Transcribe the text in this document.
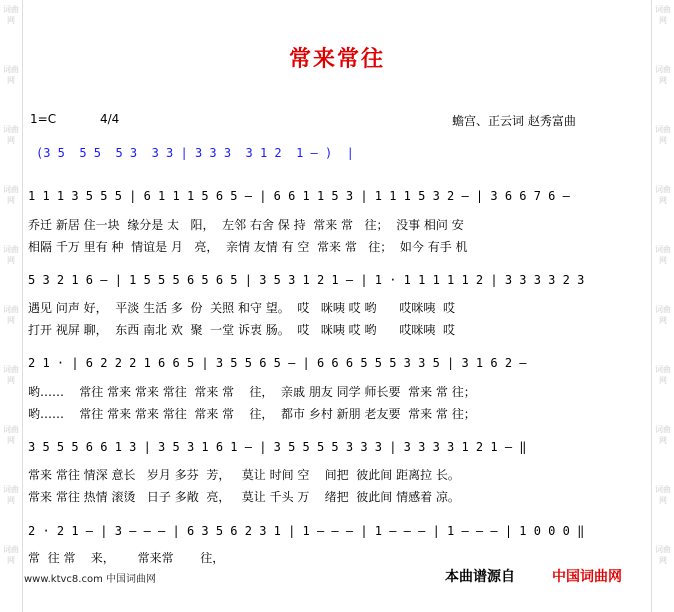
词曲网
词曲网
词曲网
词曲网
词曲网
词曲网
词曲网
词曲网
词曲网
词曲网
词曲网
词曲网
词曲网
词曲网
词曲网
词曲网
词曲网
词曲网
词曲网
词曲网
常来常往
1=C	4/4	蟾宫、正云词 赵秀富曲
(3 5  5 5  5 3  3 3 | 3 3 3  3 1 2  1 — )  |
1 1 1 3 5 5 5 | 6 1 1 1 5 6 5 — | 6 6 1 1 5 3 | 1 1 1 5 3 2 — | 3 6 6 7 6 —
乔迁 新居 住一块  缘分是 太   阳，  左邻 右舍 保 持  常来 常   往；  没事 相问 安
相隔 千万 里有 种  情谊是 月   亮，  亲情 友情 有 空  常来 常   往；  如今 有手 机
5 3 2 1 6 — | 1 5 5 5 6 5 6 5 | 3 5 3 1 2 1 — | 1 · 1 1 1 1 1 2 | 3 3 3 3 2 3
遇见 问声 好，  平淡 生活 多  份  关照 和守 望。  哎   咪咦 哎 哟      哎咪咦  哎
打开 视屏 聊，  东西 南北 欢  聚  一堂 诉衷 肠。  哎   咪咦 哎 哟      哎咪咦  哎
2 1 · | 6 2 2 2 1 6 6 5 | 3 5 5 6 5 — | 6 6 6 5 5 5 3 3 5 | 3 1 6 2 —
哟……    常往 常来 常来 常往  常来 常    往，  亲戚 朋友 同学 师长要  常来 常 往；
哟……    常往 常来 常来 常往  常来 常    往，  都市 乡村 新朋 老友要  常来 常 往；
3 5 5 5 6 6 1 3 | 3 5 3 1 6 1 — | 3 5 5 5 5 3 3 3 | 3 3 3 3 1 2 1 — ‖
常来 常往 情深 意长   岁月 多芬  芳，   莫让 时间 空    间把  彼此间 距离拉 长。
常来 常往 热情 滚烫   日子 多敞  亮，   莫让 千头 万    绪把  彼此间 情感着 凉。
2 · 2 1 — | 3 — — — | 6 3 5 6 2 3 1 | 1 — — — | 1 — — — | 1 — — — | 1 0 0 0 ‖
常  往 常    来，      常来常       往，
www.ktvc8.com 中国词曲网	本曲谱源自	中国词曲网
